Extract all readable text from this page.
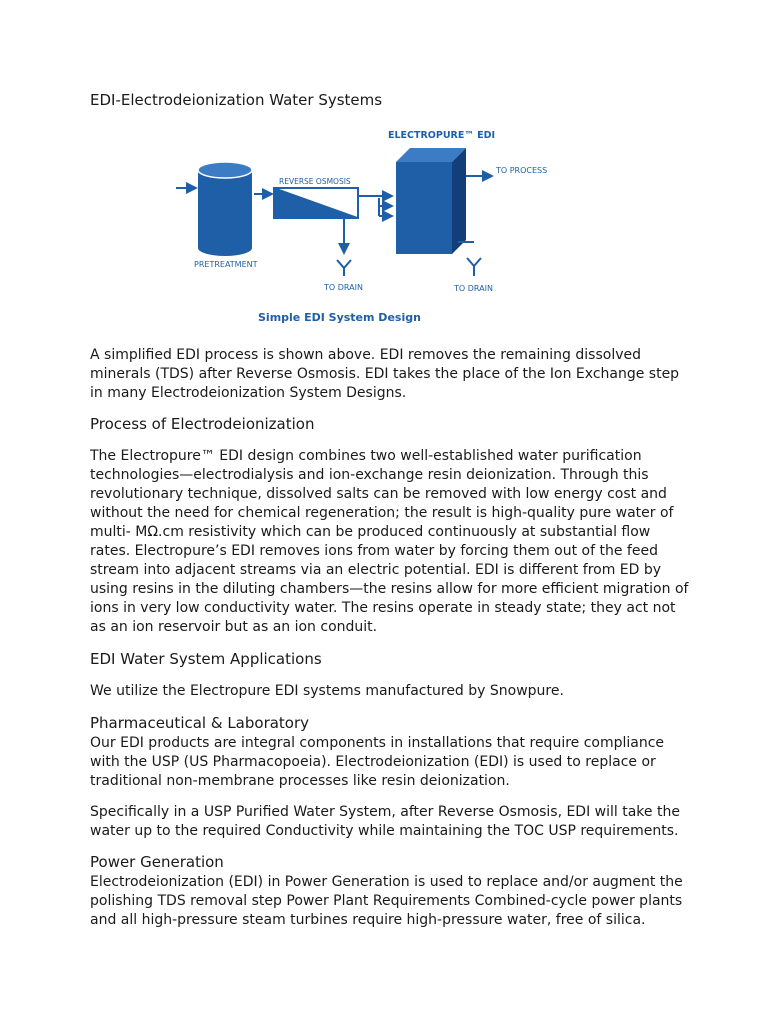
EDI-Electrodeionization Water Systems
PRETREATMENT
REVERSE OSMOSIS
TO DRAIN
ELECTROPURE™ EDI
TO PROCESS
TO DRAIN
Simple EDI System Design

A simplified EDI process is shown above. EDI removes the remaining dissolved minerals (TDS) after Reverse Osmosis. EDI takes the place of the Ion Exchange step in many Electrodeionization System Designs.

Process of Electrodeionization

The Electropure™ EDI design combines two well-established water purification technologies—electrodialysis and ion-exchange resin deionization. Through this revolutionary technique, dissolved salts can be removed with low energy cost and without the need for chemical regeneration; the result is high-quality pure water of multi- MΩ.cm resistivity which can be produced continuously at substantial flow rates. Electropure’s EDI removes ions from water by forcing them out of the feed stream into adjacent streams via an electric potential. EDI is different from ED by using resins in the diluting chambers—the resins allow for more efficient migration of ions in very low conductivity water. The resins operate in steady state; they act not as an ion reservoir but as an ion conduit.

EDI Water System Applications

We utilize the Electropure EDI systems manufactured by Snowpure.

Pharmaceutical & Laboratory

Our EDI products are integral components in installations that require compliance with the USP (US Pharmacopoeia). Electrodeionization (EDI) is used to replace or traditional non-membrane processes like resin deionization.

Specifically in a USP Purified Water System, after Reverse Osmosis, EDI will take the water up to the required Conductivity while maintaining the TOC USP requirements.

Power Generation

Electrodeionization (EDI) in Power Generation is used to replace and/or augment the polishing TDS removal step Power Plant Requirements Combined-cycle power plants and all high-pressure steam turbines require high-pressure water, free of silica.
